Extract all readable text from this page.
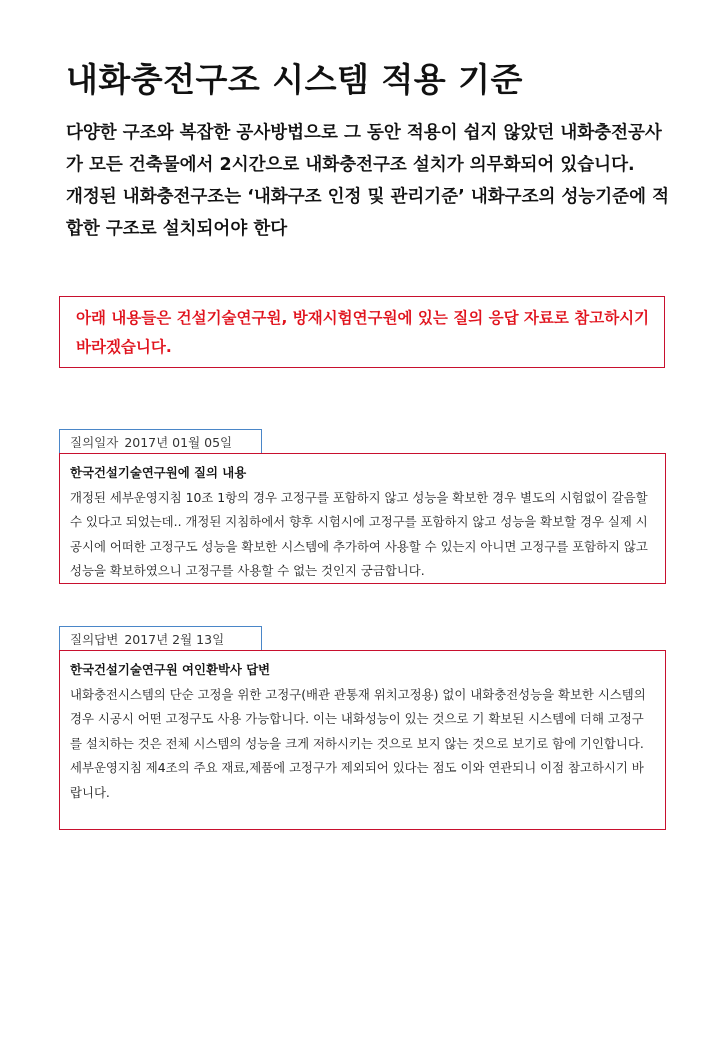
내화충전구조 시스템 적용 기준

다양한 구조와 복잡한 공사방법으로 그 동안 적용이 쉽지 않았던 내화충전공사가 모든 건축물에서 2시간으로 내화충전구조 설치가 의무화되어 있습니다.

개정된 내화충전구조는 ‘내화구조 인정 및 관리기준’ 내화구조의 성능기준에 적합한 구조로 설치되어야 한다

아래 내용들은 건설기술연구원, 방재시험연구원에 있는 질의 응답 자료로 참고하시기 바라겠습니다.
질의일자 2017년 01월 05일

한국건설기술연구원에 질의 내용

개정된 세부운영지침 10조 1항의 경우 고정구를 포함하지 않고 성능을 확보한 경우 별도의 시험없이 갈음할 수 있다고 되었는데.. 개정된 지침하에서 향후 시험시에 고정구를 포함하지 않고 성능을 확보할 경우 실제 시공시에 어떠한 고정구도 성능을 확보한 시스템에 추가하여 사용할 수 있는지 아니면 고정구를 포함하지 않고 성능을 확보하였으니 고정구를 사용할 수 없는 것인지 궁금합니다.

질의답변 2017년 2월 13일

한국건설기술연구원 여인환박사 답변

내화충전시스템의 단순 고정을 위한 고정구(배관 관통재 위치고정용) 없이 내화충전성능을 확보한 시스템의 경우 시공시 어떤 고정구도 사용 가능합니다. 이는 내화성능이 있는 것으로 기 확보된 시스템에 더해 고정구를 설치하는 것은 전체 시스템의 성능을 크게 저하시키는 것으로 보지 않는 것으로 보기로 함에 기인합니다.

세부운영지침 제4조의 주요 재료,제품에 고정구가 제외되어 있다는 점도 이와 연관되니 이점 참고하시기 바랍니다.
